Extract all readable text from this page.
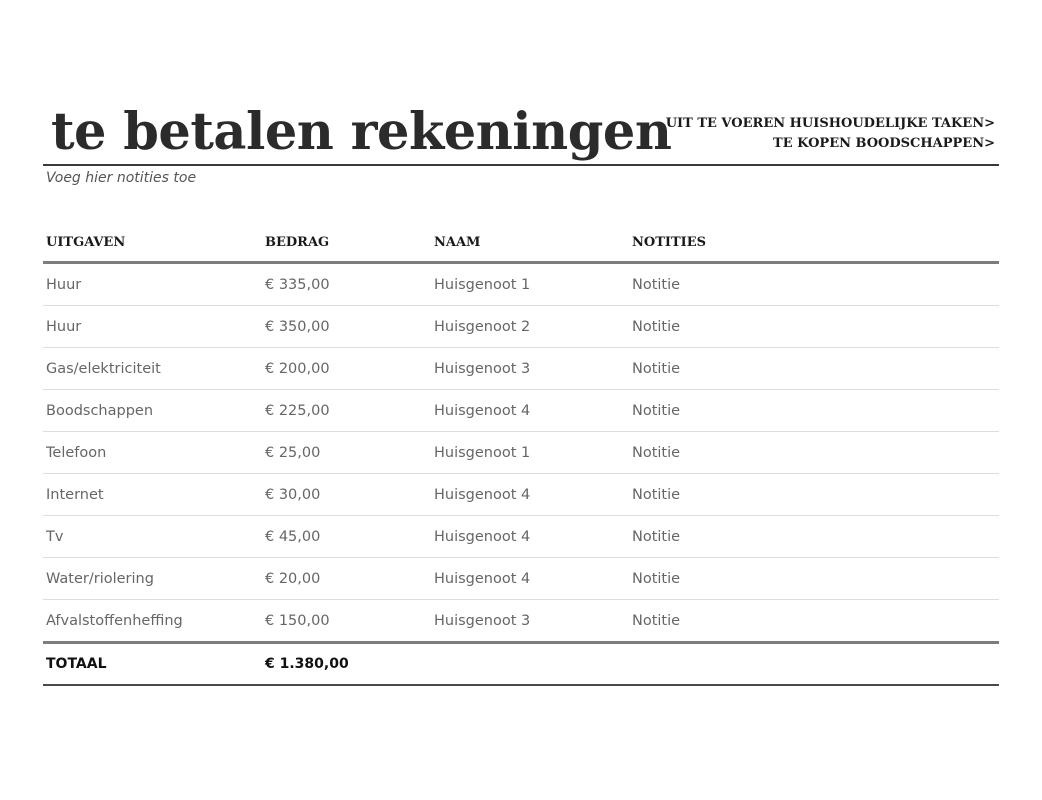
te betalen rekeningen
UIT TE VOEREN HUISHOUDELIJKE TAKEN>
TE KOPEN BOODSCHAPPEN>
Voeg hier notities toe
UITGAVEN	BEDRAG	NAAM	NOTITIES
Huur	€ 335,00	Huisgenoot 1	Notitie
Huur	€ 350,00	Huisgenoot 2	Notitie
Gas/elektriciteit	€ 200,00	Huisgenoot 3	Notitie
Boodschappen	€ 225,00	Huisgenoot 4	Notitie
Telefoon	€ 25,00	Huisgenoot 1	Notitie
Internet	€ 30,00	Huisgenoot 4	Notitie
Tv	€ 45,00	Huisgenoot 4	Notitie
Water/riolering	€ 20,00	Huisgenoot 4	Notitie
Afvalstoffenheffing	€ 150,00	Huisgenoot 3	Notitie
TOTAAL	€ 1.380,00		
